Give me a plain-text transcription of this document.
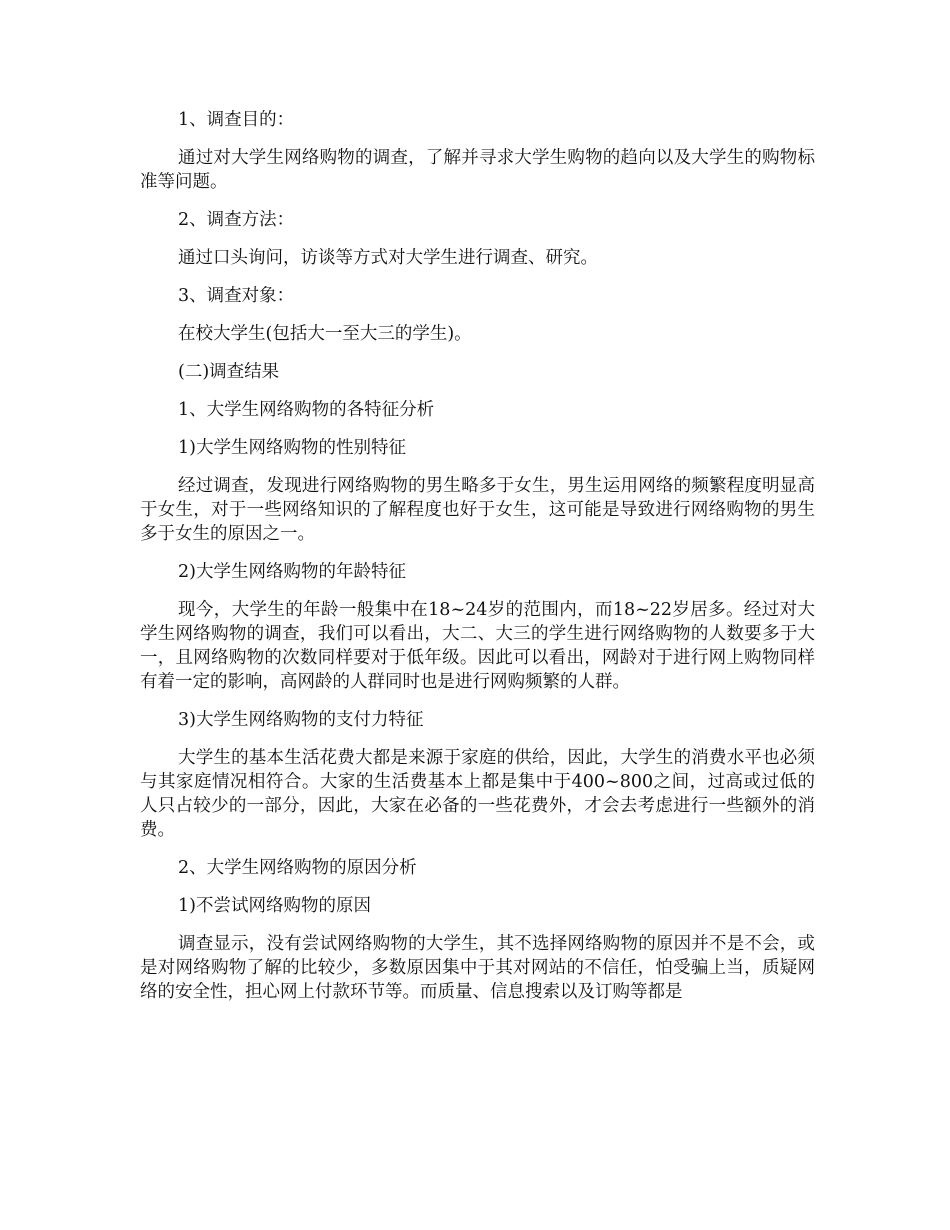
1、调查目的：

通过对大学生网络购物的调查，了解并寻求大学生购物的趋向以及大学生的购物标准等问题。

2、调查方法：

通过口头询问，访谈等方式对大学生进行调查、研究。

3、调查对象：

在校大学生(包括大一至大三的学生)。

(二)调查结果

1、大学生网络购物的各特征分析

1)大学生网络购物的性别特征

经过调查，发现进行网络购物的男生略多于女生，男生运用网络的频繁程度明显高于女生，对于一些网络知识的了解程度也好于女生，这可能是导致进行网络购物的男生多于女生的原因之一。

2)大学生网络购物的年龄特征

现今，大学生的年龄一般集中在18~24岁的范围内，而18~22岁居多。经过对大学生网络购物的调查，我们可以看出，大二、大三的学生进行网络购物的人数要多于大一，且网络购物的次数同样要对于低年级。因此可以看出，网龄对于进行网上购物同样有着一定的影响，高网龄的人群同时也是进行网购频繁的人群。

3)大学生网络购物的支付力特征

大学生的基本生活花费大都是来源于家庭的供给，因此，大学生的消费水平也必须与其家庭情况相符合。大家的生活费基本上都是集中于400~800之间，过高或过低的人只占较少的一部分，因此，大家在必备的一些花费外，才会去考虑进行一些额外的消费。

2、大学生网络购物的原因分析

1)不尝试网络购物的原因

调查显示，没有尝试网络购物的大学生，其不选择网络购物的原因并不是不会，或是对网络购物了解的比较少，多数原因集中于其对网站的不信任，怕受骗上当，质疑网络的安全性，担心网上付款环节等。而质量、信息搜索以及订购等都是
